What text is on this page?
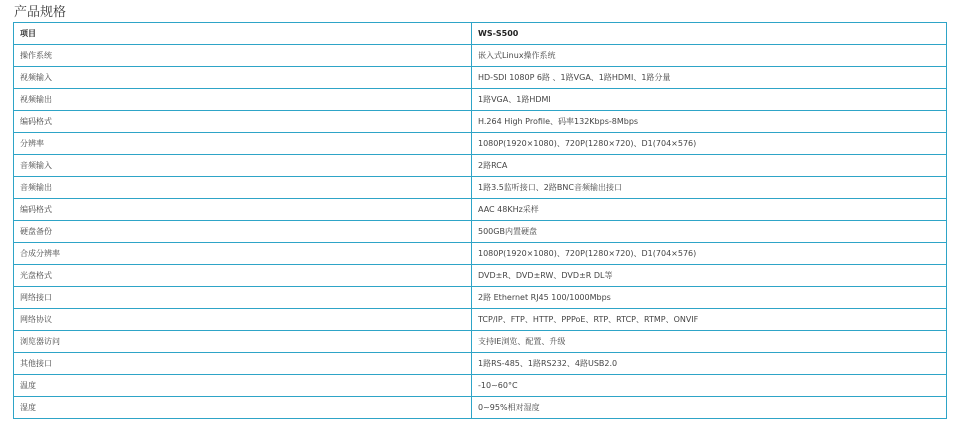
产品规格
项目	WS-S500
操作系统	嵌入式Linux操作系统
视频输入	HD-SDI 1080P 6路 、1路VGA、1路HDMI、1路分量
视频输出	1路VGA、1路HDMI
编码格式	H.264 High Profile、码率132Kbps-8Mbps
分辨率	1080P(1920×1080)、720P(1280×720)、D1(704×576)
音频输入	2路RCA
音频输出	1路3.5监听接口、2路BNC音频输出接口
编码格式	AAC 48KHz采样
硬盘备份	500GB内置硬盘
合成分辨率	1080P(1920×1080)、720P(1280×720)、D1(704×576)
光盘格式	DVD±R、DVD±RW、DVD±R DL等
网络接口	2路 Ethernet RJ45 100/1000Mbps
网络协议	TCP/IP、FTP、HTTP、PPPoE、RTP、RTCP、RTMP、ONVIF
浏览器访问	支持IE浏览、配置、升级
其他接口	1路RS-485、1路RS232、4路USB2.0
温度	-10~60°C
湿度	0~95%相对湿度
